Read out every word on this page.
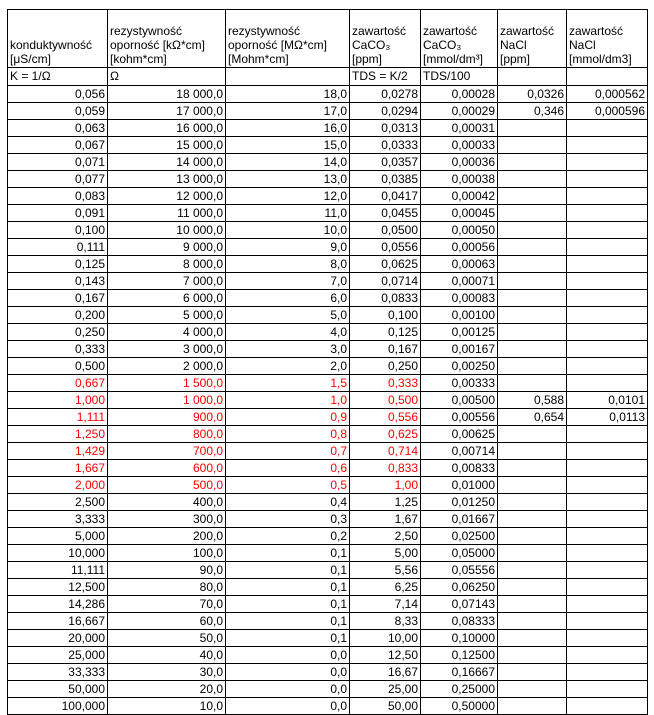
konduktywność
[μS/cm]	rezystywność
oporność [kΩ*cm]
[kohm*cm]	rezystywność
oporność [MΩ*cm]
[Mohm*cm]	zawartość
CaCO₃
[ppm]	zawartość
CaCO₃
[mmol/dm³]	zawartość
NaCl
[ppm]	zawartość
NaCl
[mmol/dm3]

K = 1/Ω	Ω		TDS = K/2	TDS/100		
0,056	18 000,0	18,0	0,0278	0,00028	0,0326	0,000562
0,059	17 000,0	17,0	0,0294	0,00029	0,346	0,000596
0,063	16 000,0	16,0	0,0313	0,00031		
0,067	15 000,0	15,0	0,0333	0,00033		
0,071	14 000,0	14,0	0,0357	0,00036		
0,077	13 000,0	13,0	0,0385	0,00038		
0,083	12 000,0	12,0	0,0417	0,00042		
0,091	11 000,0	11,0	0,0455	0,00045		
0,100	10 000,0	10,0	0,0500	0,00050		
0,111	9 000,0	9,0	0,0556	0,00056		
0,125	8 000,0	8,0	0,0625	0,00063		
0,143	7 000,0	7,0	0,0714	0,00071		
0,167	6 000,0	6,0	0,0833	0,00083		
0,200	5 000,0	5,0	0,100	0,00100		
0,250	4 000,0	4,0	0,125	0,00125		
0,333	3 000,0	3,0	0,167	0,00167		
0,500	2 000,0	2,0	0,250	0,00250		
0,667	1 500,0	1,5	0,333	0,00333		
1,000	1 000,0	1,0	0,500	0,00500	0,588	0,0101
1,111	900,0	0,9	0,556	0,00556	0,654	0,0113
1,250	800,0	0,8	0,625	0,00625		
1,429	700,0	0,7	0,714	0,00714		
1,667	600,0	0,6	0,833	0,00833		
2,000	500,0	0,5	1,00	0,01000		
2,500	400,0	0,4	1,25	0,01250		
3,333	300,0	0,3	1,67	0,01667		
5,000	200,0	0,2	2,50	0,02500		
10,000	100,0	0,1	5,00	0,05000		
11,111	90,0	0,1	5,56	0,05556		
12,500	80,0	0,1	6,25	0,06250		
14,286	70,0	0,1	7,14	0,07143		
16,667	60,0	0,1	8,33	0,08333		
20,000	50,0	0,1	10,00	0,10000		
25,000	40,0	0,0	12,50	0,12500		
33,333	30,0	0,0	16,67	0,16667		
50,000	20,0	0,0	25,00	0,25000		
100,000	10,0	0,0	50,00	0,50000		
